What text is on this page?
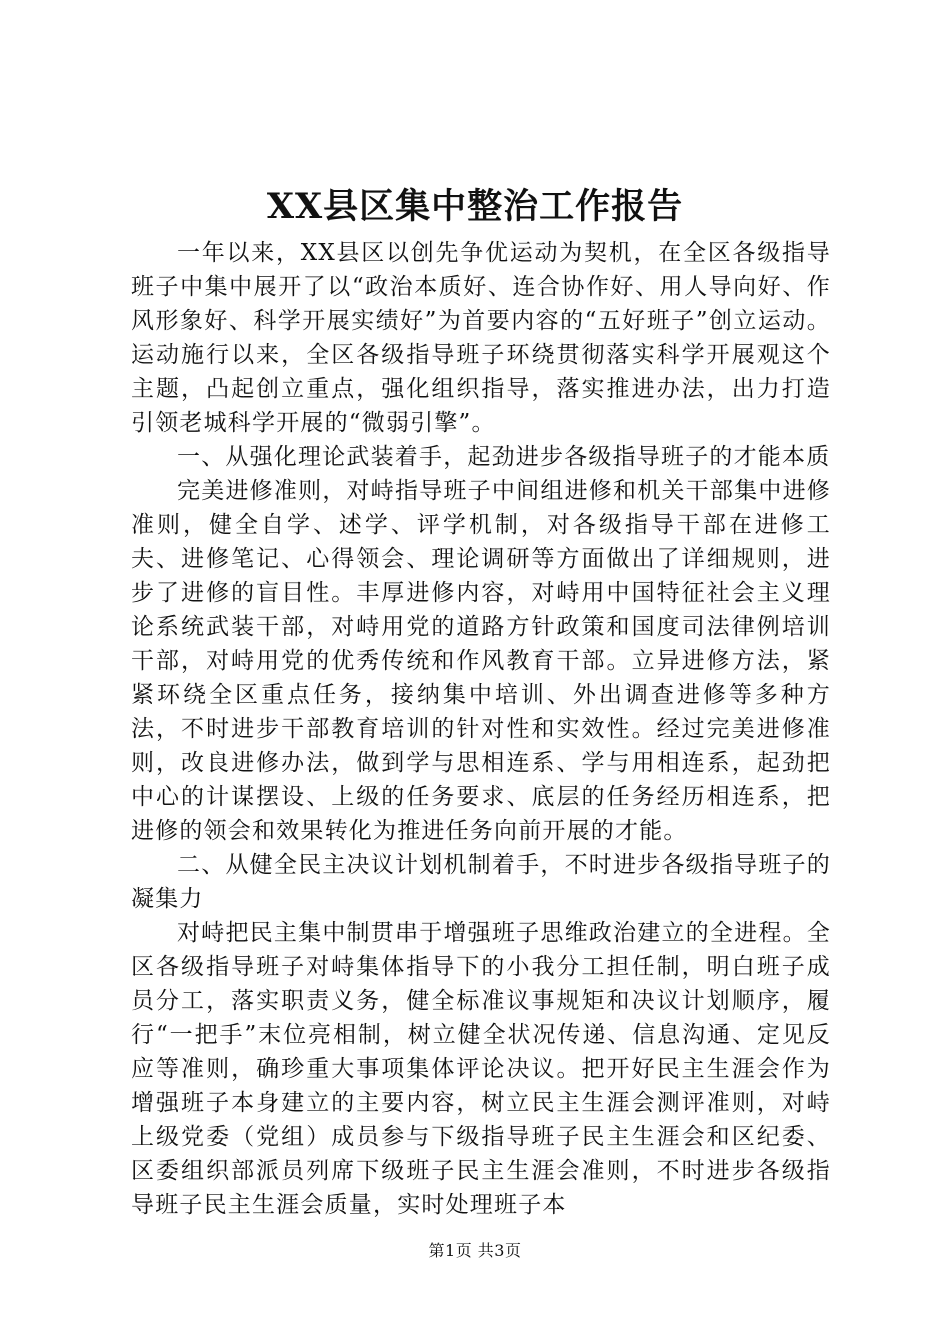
XX县区集中整治工作报告

一年以来，XX县区以创先争优运动为契机，在全区各级指导班子中集中展开了以“政治本质好、连合协作好、用人导向好、作风形象好、科学开展实绩好”为首要内容的“五好班子”创立运动。运动施行以来，全区各级指导班子环绕贯彻落实科学开展观这个主题，凸起创立重点，强化组织指导，落实推进办法，出力打造引领老城科学开展的“微弱引擎”。

一、从强化理论武装着手，起劲进步各级指导班子的才能本质

完美进修准则，对峙指导班子中间组进修和机关干部集中进修准则，健全自学、述学、评学机制，对各级指导干部在进修工夫、进修笔记、心得领会、理论调研等方面做出了详细规则，进步了进修的盲目性。丰厚进修内容，对峙用中国特征社会主义理论系统武装干部，对峙用党的道路方针政策和国度司法律例培训干部，对峙用党的优秀传统和作风教育干部。立异进修方法，紧紧环绕全区重点任务，接纳集中培训、外出调查进修等多种方法，不时进步干部教育培训的针对性和实效性。经过完美进修准则，改良进修办法，做到学与思相连系、学与用相连系，起劲把中心的计谋摆设、上级的任务要求、底层的任务经历相连系，把进修的领会和效果转化为推进任务向前开展的才能。

二、从健全民主决议计划机制着手，不时进步各级指导班子的凝集力

对峙把民主集中制贯串于增强班子思维政治建立的全进程。全区各级指导班子对峙集体指导下的小我分工担任制，明白班子成员分工，落实职责义务，健全标准议事规矩和决议计划顺序，履行“一把手”末位亮相制，树立健全状况传递、信息沟通、定见反应等准则，确珍重大事项集体评论决议。把开好民主生涯会作为增强班子本身建立的主要内容，树立民主生涯会测评准则，对峙上级党委（党组）成员参与下级指导班子民主生涯会和区纪委、区委组织部派员列席下级班子民主生涯会准则，不时进步各级指导班子民主生涯会质量，实时处理班子本

第1页 共3页
